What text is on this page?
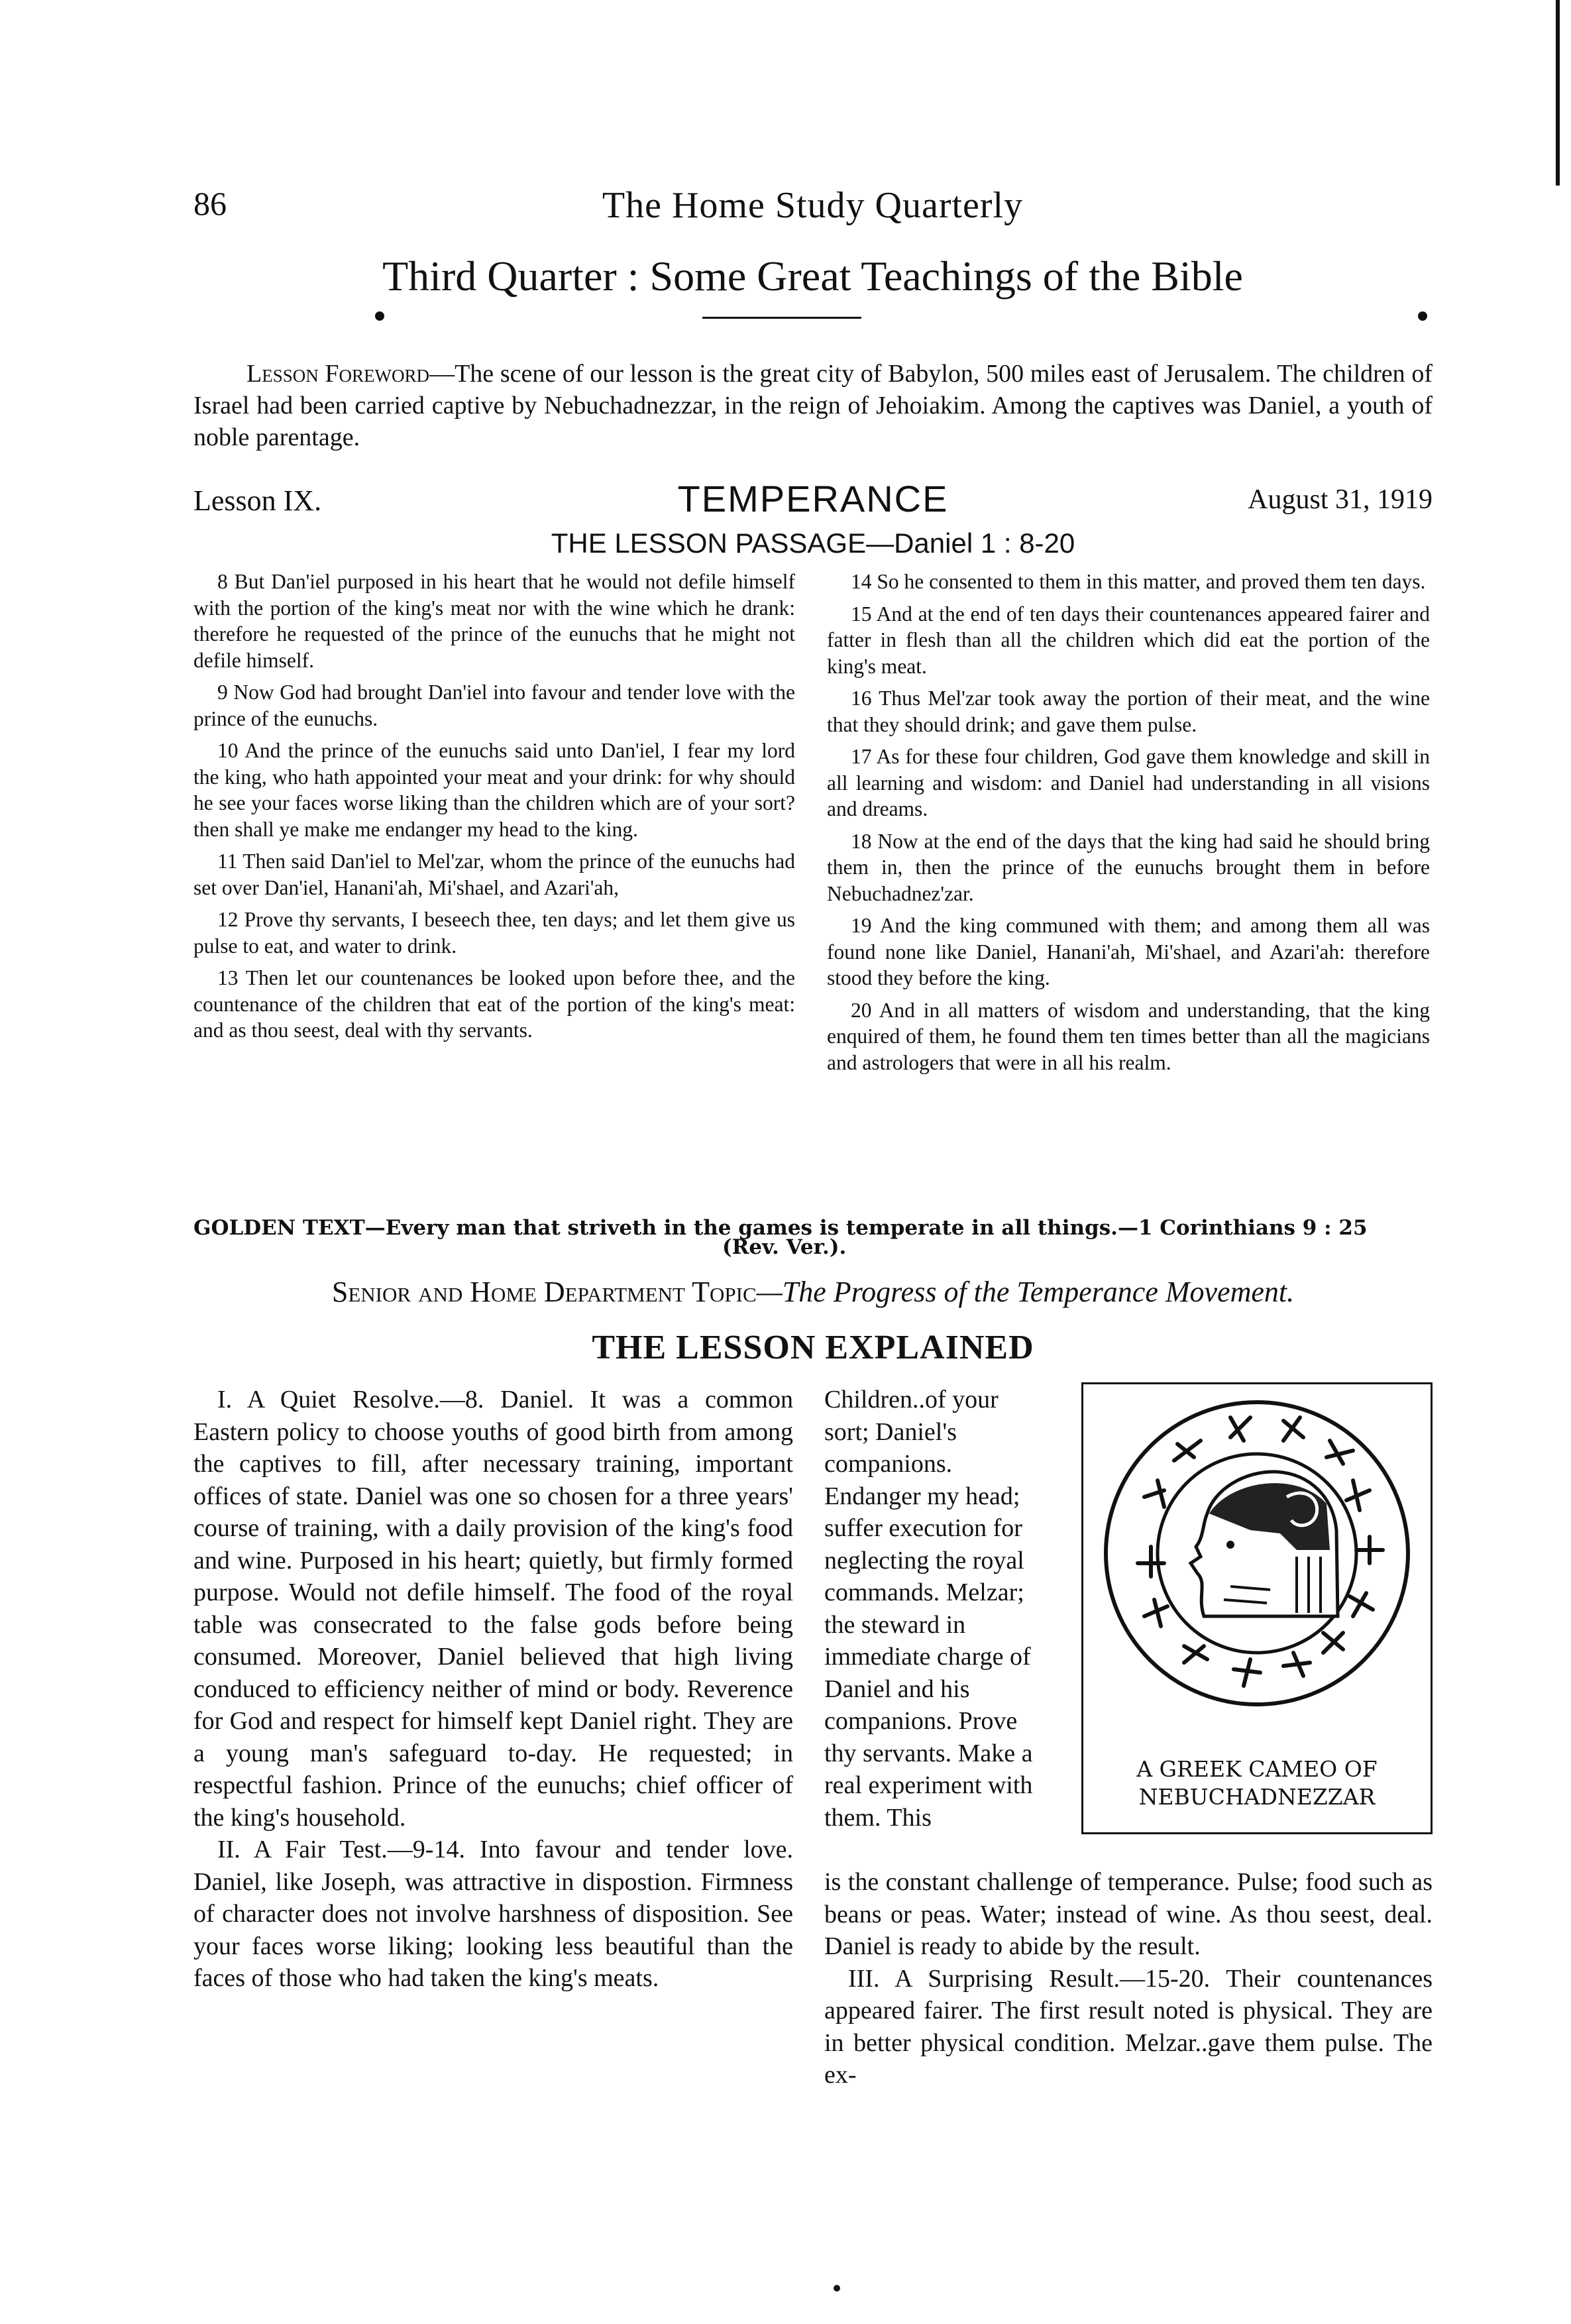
86	The Home Study Quarterly
Third Quarter : Some Great Teachings of the Bible
Lesson Foreword—The scene of our lesson is the great city of Babylon, 500 miles east of Jerusalem. The children of Israel had been carried captive by Nebuchadnezzar, in the reign of Jehoiakim. Among the captives was Daniel, a youth of noble parentage.
Lesson IX.	TEMPERANCE	August 31, 1919
THE LESSON PASSAGE—Daniel 1 : 8-20

8 But Dan'iel purposed in his heart that he would not defile himself with the portion of the king's meat nor with the wine which he drank: therefore he requested of the prince of the eunuchs that he might not defile himself.

9 Now God had brought Dan'iel into favour and tender love with the prince of the eunuchs.

10 And the prince of the eunuchs said unto Dan'iel, I fear my lord the king, who hath appointed your meat and your drink: for why should he see your faces worse liking than the children which are of your sort? then shall ye make me endanger my head to the king.

11 Then said Dan'iel to Mel'zar, whom the prince of the eunuchs had set over Dan'iel, Hanani'ah, Mi'shael, and Azari'ah,

12 Prove thy servants, I beseech thee, ten days; and let them give us pulse to eat, and water to drink.

13 Then let our countenances be looked upon before thee, and the countenance of the children that eat of the portion of the king's meat: and as thou seest, deal with thy servants.

14 So he consented to them in this matter, and proved them ten days.

15 And at the end of ten days their countenances appeared fairer and fatter in flesh than all the children which did eat the portion of the king's meat.

16 Thus Mel'zar took away the portion of their meat, and the wine that they should drink; and gave them pulse.

17 As for these four children, God gave them knowledge and skill in all learning and wisdom: and Daniel had understanding in all visions and dreams.

18 Now at the end of the days that the king had said he should bring them in, then the prince of the eunuchs brought them in before Nebuchadnez'zar.

19 And the king communed with them; and among them all was found none like Daniel, Hanani'ah, Mi'shael, and Azari'ah: therefore stood they before the king.

20 And in all matters of wisdom and understanding, that the king enquired of them, he found them ten times better than all the magicians and astrologers that were in all his realm.

GOLDEN TEXT—Every man that striveth in the games is temperate in all things.—1 Corinthians 9 : 25
(Rev. Ver.).
Senior and Home Department Topic—The Progress of the Temperance Movement.
THE LESSON EXPLAINED

I. A Quiet Resolve.—8. Daniel. It was a common Eastern policy to choose youths of good birth from among the captives to fill, after necessary training, important offices of state. Daniel was one so chosen for a three years' course of training, with a daily provision of the king's food and wine. Purposed in his heart; quietly, but firmly formed purpose. Would not defile himself. The food of the royal table was consecrated to the false gods before being consumed. Moreover, Daniel believed that high living conduced to efficiency neither of mind or body. Reverence for God and respect for himself kept Daniel right. They are a young man's safeguard to-day. He requested; in respectful fashion. Prince of the eunuchs; chief officer of the king's household.

II. A Fair Test.—9-14. Into favour and tender love. Daniel, like Joseph, was attractive in dispostion. Firmness of character does not involve harshness of disposition. See your faces worse liking; looking less beautiful than the faces of those who had taken the king's meats.

Children..of your sort; Daniel's companions. Endanger my head; suffer execution for neglecting the royal commands. Melzar; the steward in immediate charge of Daniel and his companions. Prove thy servants. Make a real experiment with them. This

is the constant challenge of temperance. Pulse; food such as beans or peas. Water; instead of wine. As thou seest, deal. Daniel is ready to abide by the result.

III. A Surprising Result.—15-20. Their countenances appeared fairer. The first result noted is physical. They are in better physical condition. Melzar..gave them pulse. The ex-

A GREEK CAMEO OF
NEBUCHADNEZZAR
